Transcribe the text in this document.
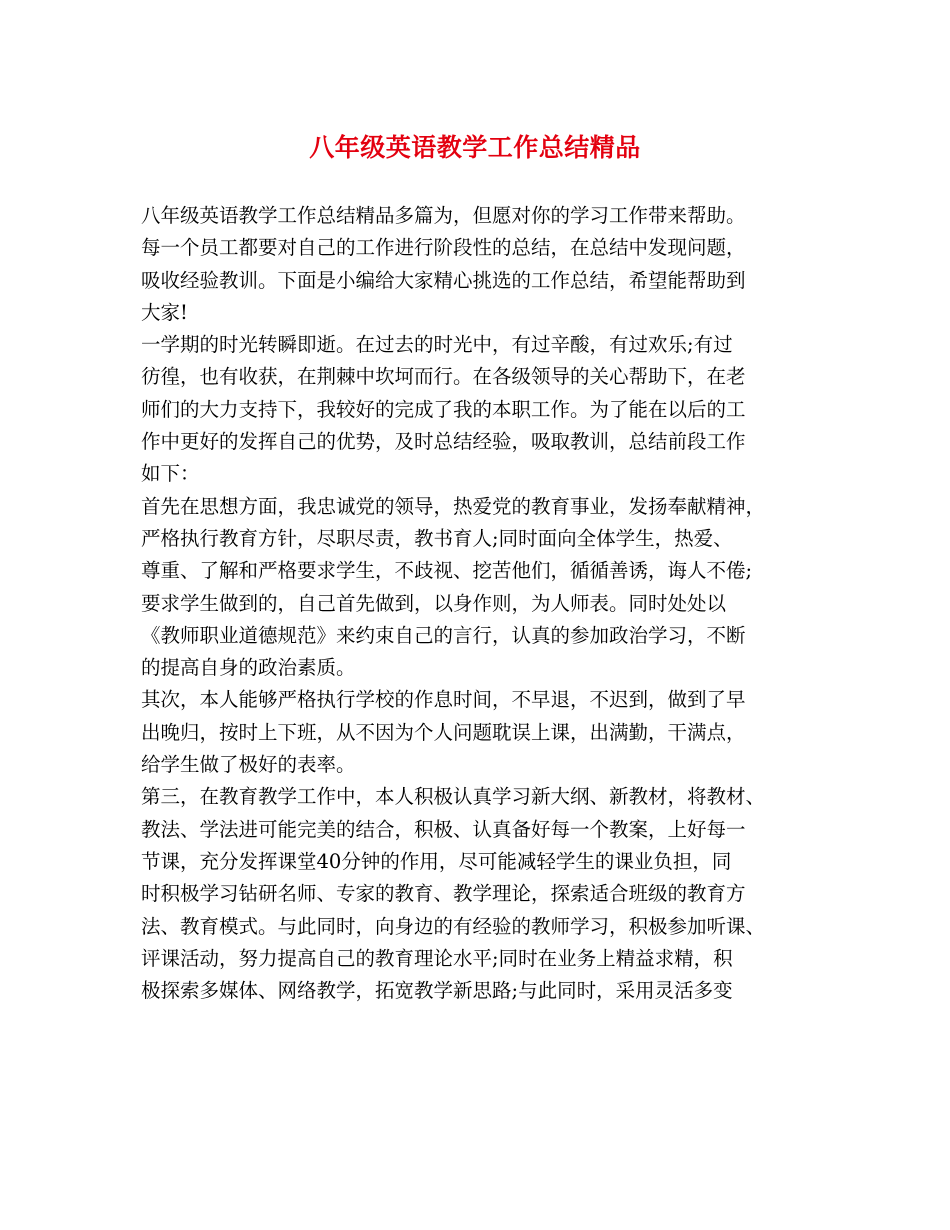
八年级英语教学工作总结精品
八年级英语教学工作总结精品多篇为，但愿对你的学习工作带来帮助。
每一个员工都要对自己的工作进行阶段性的总结，在总结中发现问题，
吸收经验教训。下面是小编给大家精心挑选的工作总结，希望能帮助到
大家!
一学期的时光转瞬即逝。在过去的时光中，有过辛酸，有过欢乐;有过
彷徨，也有收获，在荆棘中坎坷而行。在各级领导的关心帮助下，在老
师们的大力支持下，我较好的完成了我的本职工作。为了能在以后的工
作中更好的发挥自己的优势，及时总结经验，吸取教训，总结前段工作
如下：
首先在思想方面，我忠诚党的领导，热爱党的教育事业，发扬奉献精神，
严格执行教育方针，尽职尽责，教书育人;同时面向全体学生，热爱、
尊重、了解和严格要求学生，不歧视、挖苦他们，循循善诱，诲人不倦;
要求学生做到的，自己首先做到，以身作则，为人师表。同时处处以
《教师职业道德规范》来约束自己的言行，认真的参加政治学习，不断
的提高自身的政治素质。
其次，本人能够严格执行学校的作息时间，不早退，不迟到，做到了早
出晚归，按时上下班，从不因为个人问题耽误上课，出满勤，干满点，
给学生做了极好的表率。
第三，在教育教学工作中，本人积极认真学习新大纲、新教材，将教材、
教法、学法进可能完美的结合，积极、认真备好每一个教案，上好每一
节课，充分发挥课堂40分钟的作用，尽可能减轻学生的课业负担，同
时积极学习钻研名师、专家的教育、教学理论，探索适合班级的教育方
法、教育模式。与此同时，向身边的有经验的教师学习，积极参加听课、
评课活动，努力提高自己的教育理论水平;同时在业务上精益求精，积
极探索多媒体、网络教学，拓宽教学新思路;与此同时，采用灵活多变
